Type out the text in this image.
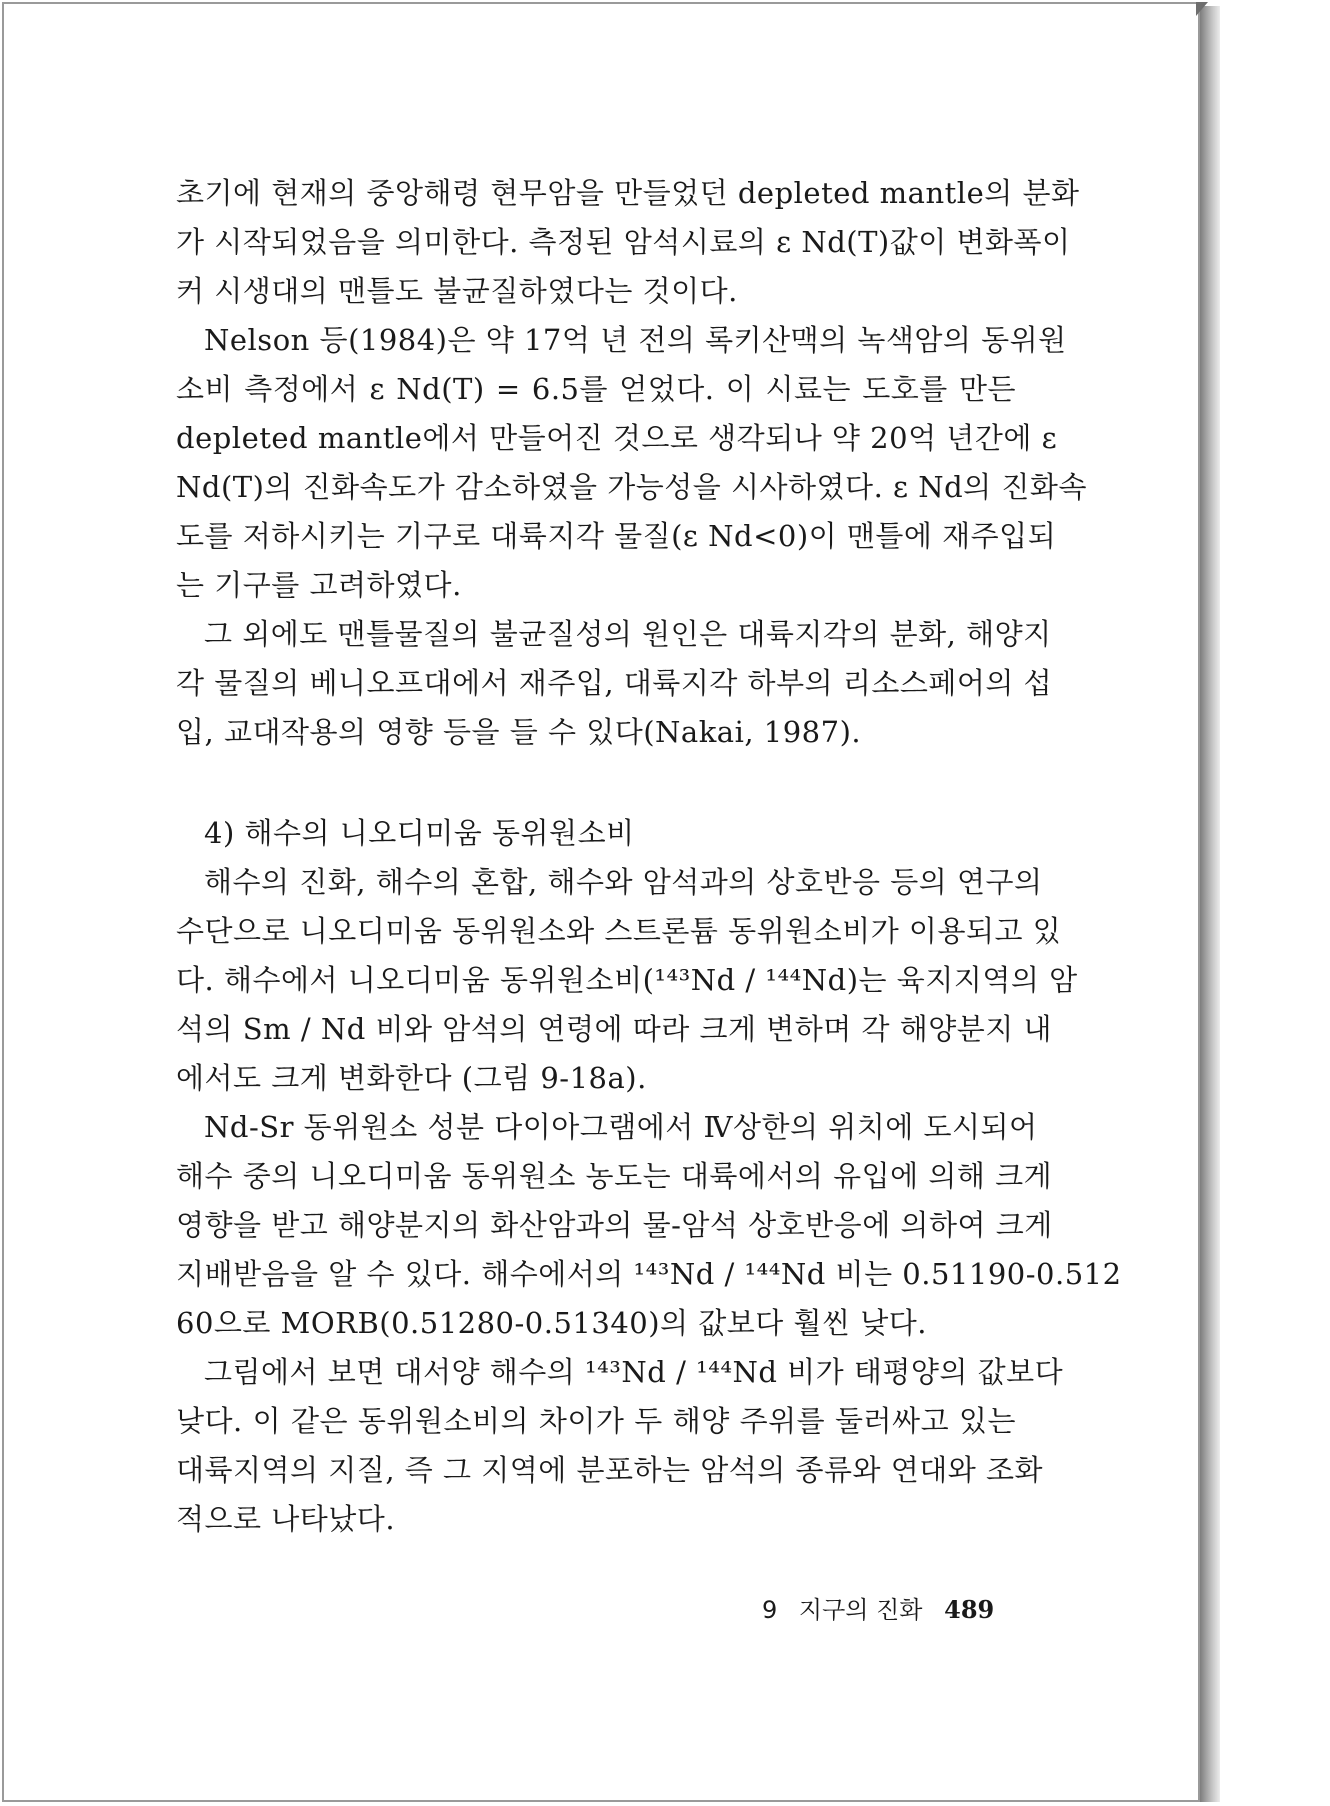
초기에 현재의 중앙해령 현무암을 만들었던 depleted mantle의 분화
가 시작되었음을 의미한다. 측정된 암석시료의 ε Nd(T)값이 변화폭이
커 시생대의 맨틀도 불균질하였다는 것이다.
Nelson 등(1984)은 약 17억 년 전의 록키산맥의 녹색암의 동위원
소비 측정에서 ε Nd(T) = 6.5를 얻었다. 이 시료는 도호를 만든
depleted mantle에서 만들어진 것으로 생각되나 약 20억 년간에 ε
Nd(T)의 진화속도가 감소하였을 가능성을 시사하였다. ε Nd의 진화속
도를 저하시키는 기구로 대륙지각 물질(ε Nd<0)이 맨틀에 재주입되
는 기구를 고려하였다.
그 외에도 맨틀물질의 불균질성의 원인은 대륙지각의 분화, 해양지
각 물질의 베니오프대에서 재주입, 대륙지각 하부의 리소스페어의 섭
입, 교대작용의 영향 등을 들 수 있다(Nakai, 1987).
4) 해수의 니오디미움 동위원소비
해수의 진화, 해수의 혼합, 해수와 암석과의 상호반응 등의 연구의
수단으로 니오디미움 동위원소와 스트론튬 동위원소비가 이용되고 있
다. 해수에서 니오디미움 동위원소비(¹⁴³Nd / ¹⁴⁴Nd)는 육지지역의 암
석의 Sm / Nd 비와 암석의 연령에 따라 크게 변하며 각 해양분지 내
에서도 크게 변화한다 (그림 9-18a).
Nd-Sr 동위원소 성분 다이아그램에서 Ⅳ상한의 위치에 도시되어
해수 중의 니오디미움 동위원소 농도는 대륙에서의 유입에 의해 크게
영향을 받고 해양분지의 화산암과의 물-암석 상호반응에 의하여 크게
지배받음을 알 수 있다. 해수에서의 ¹⁴³Nd / ¹⁴⁴Nd 비는 0.51190-0.512
60으로 MORB(0.51280-0.51340)의 값보다 훨씬 낮다.
그림에서 보면 대서양 해수의 ¹⁴³Nd / ¹⁴⁴Nd 비가 태평양의 값보다
낮다. 이 같은 동위원소비의 차이가 두 해양 주위를 둘러싸고 있는
대륙지역의 지질, 즉 그 지역에 분포하는 암석의 종류와 연대와 조화
적으로 나타났다.
9 지구의 진화 489
